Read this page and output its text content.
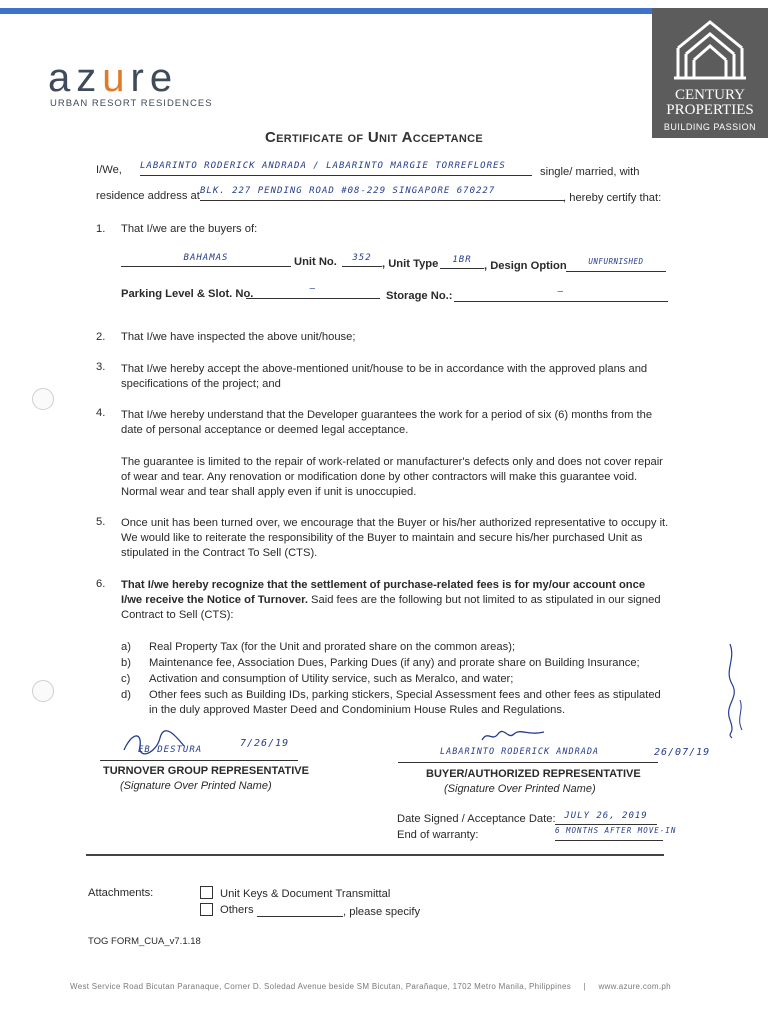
azure
URBAN RESORT RESIDENCES
CENTURY
PROPERTIES
BUILDING PASSION
Certificate of Unit Acceptance
I/We, LABARINTO RODERICK ANDRADA / LABARINTO MARGIE TORREFLORES	single/ married, with
residence address at BLK. 227 PENDING ROAD #08-229 SINGAPORE 670227
, hereby certify that:
1.	That I/we are the buyers of:
BAHAMAS	Unit No.	352 , Unit Type	1BR	, Design Option	UNFURNISHED
Parking Level & Slot. No.	—
Storage No.:	—
2.	That I/we have inspected the above unit/house;
3.	That I/we hereby accept the above-mentioned unit/house to be in accordance with the approved plans and specifications of the project; and
4.	That I/we hereby understand that the Developer guarantees the work for a period of six (6) months from the date of personal acceptance or deemed legal acceptance.
The guarantee is limited to the repair of work-related or manufacturer's defects only and does not cover repair of wear and tear. Any renovation or modification done by other contractors will make this guarantee void. Normal wear and tear shall apply even if unit is unoccupied.
5.	Once unit has been turned over, we encourage that the Buyer or his/her authorized representative to occupy it. We would like to reiterate the responsibility of the Buyer to maintain and secure his/her purchased Unit as stipulated in the Contract To Sell (CTS).
6.	That I/we hereby recognize that the settlement of purchase-related fees is for my/our account once I/we receive the Notice of Turnover. Said fees are the following but not limited to as stipulated in our signed Contract to Sell (CTS):
a)	Real Property Tax (for the Unit and prorated share on the common areas);
b)	Maintenance fee, Association Dues, Parking Dues (if any) and prorate share on Building Insurance;
c)	Activation and consumption of Utility service, such as Meralco, and water;
d)	Other fees such as Building IDs, parking stickers, Special Assessment fees and other fees as stipulated in the duly approved Master Deed and Condominium House Rules and Regulations.
EB DESTURA
7/26/19
TURNOVER GROUP REPRESENTATIVE
(Signature Over Printed Name)
LABARINTO RODERICK ANDRADA	26/07/19
BUYER/AUTHORIZED REPRESENTATIVE
(Signature Over Printed Name)
Date Signed / Acceptance Date: JULY 26, 2019
End of warranty:	6 MONTHS AFTER MOVE-IN
Attachments:	Unit Keys & Document Transmittal
Others	, please specify
TOG FORM_CUA_v7.1.18
West Service Road Bicutan Paranaque, Corner D. Soledad Avenue beside SM Bicutan, Parañaque, 1702 Metro Manila, Philippines | www.azure.com.ph
